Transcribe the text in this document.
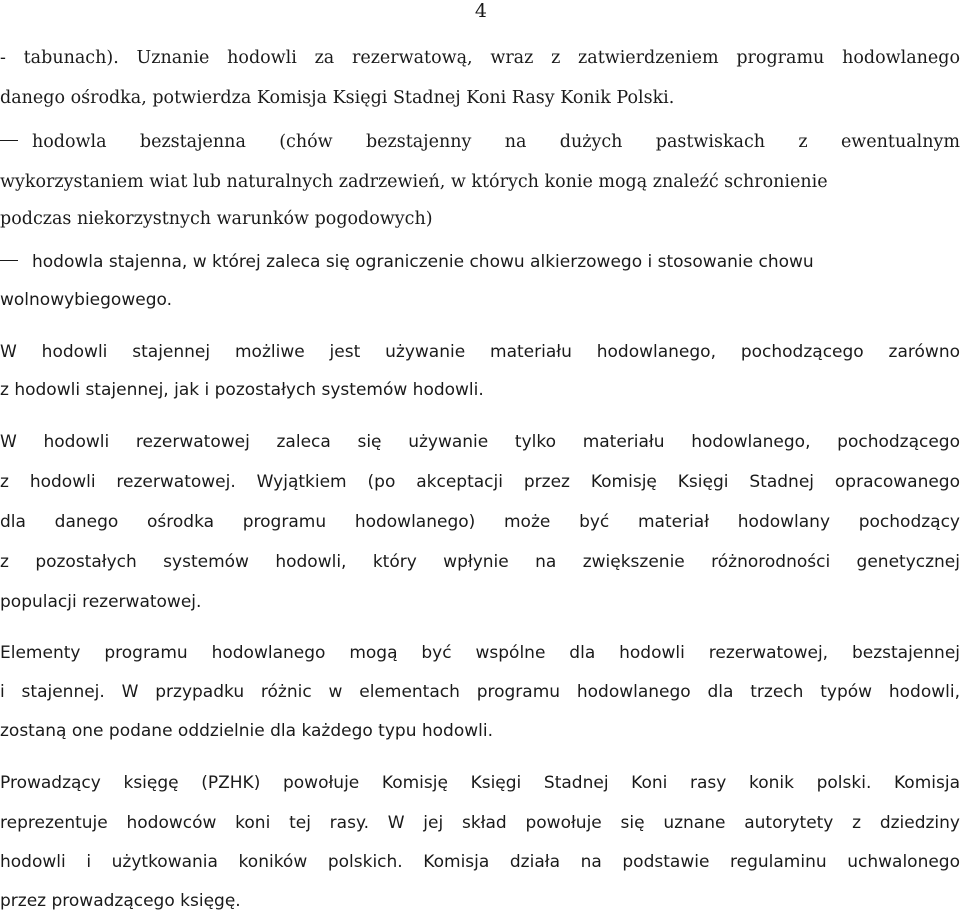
4
- tabunach). Uznanie hodowli za rezerwatową, wraz z zatwierdzeniem programu hodowlanego
danego ośrodka, potwierdza Komisja Księgi Stadnej Koni Rasy Konik Polski.
hodowla bezstajenna (chów bezstajenny na dużych pastwiskach z ewentualnym
wykorzystaniem wiat lub naturalnych zadrzewień, w których konie mogą znaleźć schronienie
podczas niekorzystnych warunków pogodowych)
hodowla stajenna, w której zaleca się ograniczenie chowu alkierzowego i stosowanie chowu
wolnowybiegowego.
W hodowli stajennej możliwe jest używanie materiału hodowlanego, pochodzącego zarówno
z hodowli stajennej, jak i pozostałych systemów hodowli.
W hodowli rezerwatowej zaleca się używanie tylko materiału hodowlanego, pochodzącego
z hodowli rezerwatowej. Wyjątkiem (po akceptacji przez Komisję Księgi Stadnej opracowanego
dla danego ośrodka programu hodowlanego) może być materiał hodowlany pochodzący
z pozostałych systemów hodowli, który wpłynie na zwiększenie różnorodności genetycznej
populacji rezerwatowej.
Elementy programu hodowlanego mogą być wspólne dla hodowli rezerwatowej, bezstajennej
i stajennej. W przypadku różnic w elementach programu hodowlanego dla trzech typów hodowli,
zostaną one podane oddzielnie dla każdego typu hodowli.
Prowadzący księgę (PZHK) powołuje Komisję Księgi Stadnej Koni rasy konik polski. Komisja
reprezentuje hodowców koni tej rasy. W jej skład powołuje się uznane autorytety z dziedziny
hodowli i użytkowania koników polskich. Komisja działa na podstawie regulaminu uchwalonego
przez prowadzącego księgę.
